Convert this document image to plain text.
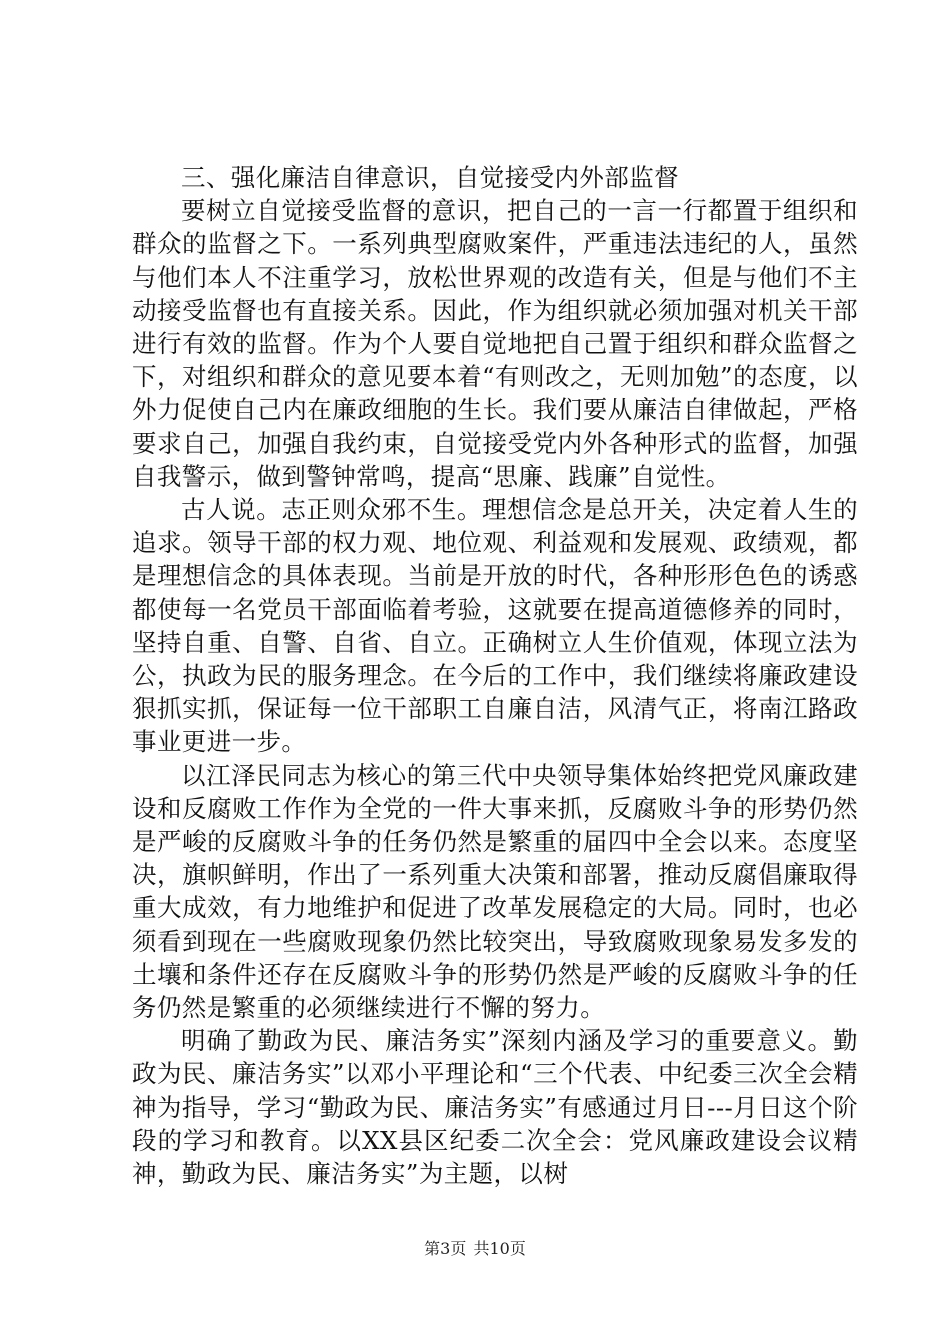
三、强化廉洁自律意识，自觉接受内外部监督

要树立自觉接受监督的意识，把自己的一言一行都置于组织和群众的监督之下。一系列典型腐败案件，严重违法违纪的人，虽然与他们本人不注重学习，放松世界观的改造有关，但是与他们不主动接受监督也有直接关系。因此，作为组织就必须加强对机关干部进行有效的监督。作为个人要自觉地把自己置于组织和群众监督之下，对组织和群众的意见要本着“有则改之，无则加勉”的态度，以外力促使自己内在廉政细胞的生长。我们要从廉洁自律做起，严格要求自己，加强自我约束，自觉接受党内外各种形式的监督，加强自我警示，做到警钟常鸣，提高“思廉、践廉”自觉性。

古人说。志正则众邪不生。理想信念是总开关，决定着人生的追求。领导干部的权力观、地位观、利益观和发展观、政绩观，都是理想信念的具体表现。当前是开放的时代，各种形形色色的诱惑都使每一名党员干部面临着考验，这就要在提高道德修养的同时，坚持自重、自警、自省、自立。正确树立人生价值观，体现立法为公，执政为民的服务理念。在今后的工作中，我们继续将廉政建设狠抓实抓，保证每一位干部职工自廉自洁，风清气正，将南江路政事业更进一步。

以江泽民同志为核心的第三代中央领导集体始终把党风廉政建设和反腐败工作作为全党的一件大事来抓，反腐败斗争的形势仍然是严峻的反腐败斗争的任务仍然是繁重的届四中全会以来。态度坚决，旗帜鲜明，作出了一系列重大决策和部署，推动反腐倡廉取得重大成效，有力地维护和促进了改革发展稳定的大局。同时，也必须看到现在一些腐败现象仍然比较突出，导致腐败现象易发多发的土壤和条件还存在反腐败斗争的形势仍然是严峻的反腐败斗争的任务仍然是繁重的必须继续进行不懈的努力。

明确了勤政为民、廉洁务实”深刻内涵及学习的重要意义。勤政为民、廉洁务实”以邓小平理论和“三个代表、中纪委三次全会精神为指导，学习“勤政为民、廉洁务实”有感通过月日---月日这个阶段的学习和教育。以XX县区纪委二次全会：党风廉政建设会议精神，勤政为民、廉洁务实”为主题，以树

第3页 共10页
